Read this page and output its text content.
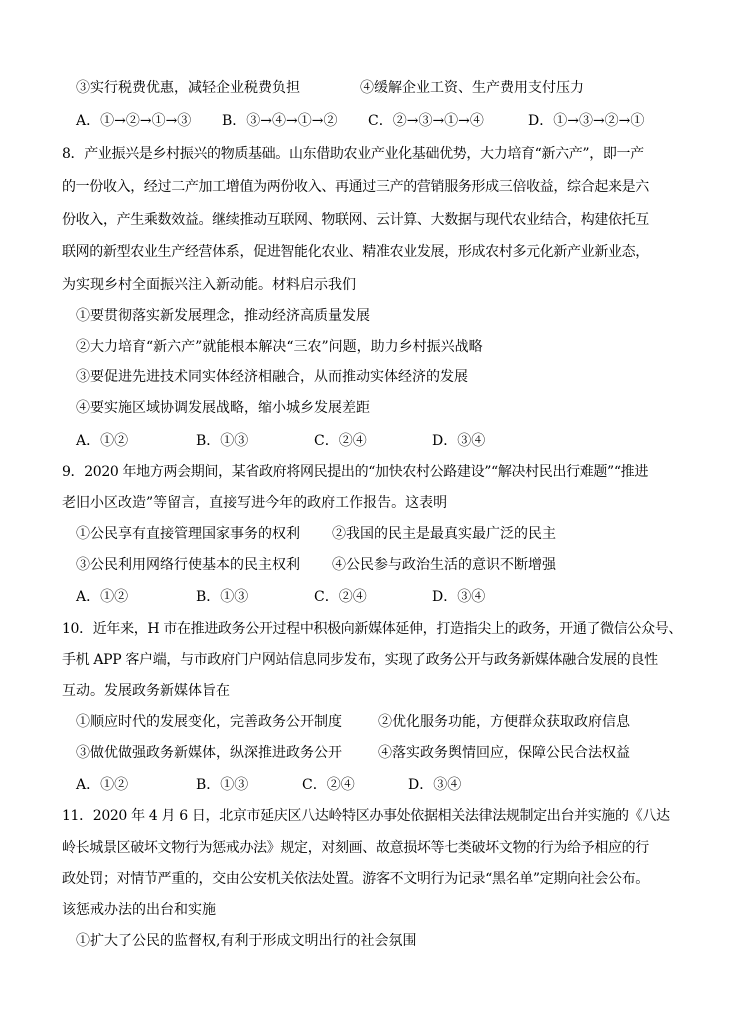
③实行税费优惠，减轻企业税费负担	④缓解企业工资、生产费用支付压力
A．①→②→①→③ B．③→④→①→② C．②→③→①→④	D．①→③→②→①
8．产业振兴是乡村振兴的物质基础。山东借助农业产业化基础优势，大力培育“新六产”，即一产
的一份收入，经过二产加工增值为两份收入、再通过三产的营销服务形成三倍收益，综合起来是六
份收入，产生乘数效益。继续推动互联网、物联网、云计算、大数据与现代农业结合，构建依托互
联网的新型农业生产经营体系，促进智能化农业、精准农业发展，形成农村多元化新产业新业态，
为实现乡村全面振兴注入新动能。材料启示我们
①要贯彻落实新发展理念，推动经济高质量发展
②大力培育“新六产”就能根本解决“三农”问题，助力乡村振兴战略
③要促进先进技术同实体经济相融合，从而推动实体经济的发展
④要实施区域协调发展战略，缩小城乡发展差距
A．①②	B．①③	C．②④	D．③④
9．2020 年地方两会期间，某省政府将网民提出的“加快农村公路建设”“解决村民出行难题”“推进
老旧小区改造”等留言，直接写进今年的政府工作报告。这表明
①公民享有直接管理国家事务的权利 ②我国的民主是最真实最广泛的民主
③公民利用网络行使基本的民主权利 ④公民参与政治生活的意识不断增强
A．①②	B．①③	C．②④	D．③④
10．近年来，H 市在推进政务公开过程中积极向新媒体延伸，打造指尖上的政务，开通了微信公众号、
手机 APP 客户端，与市政府门户网站信息同步发布，实现了政务公开与政务新媒体融合发展的良性
互动。发展政务新媒体旨在
①顺应时代的发展变化，完善政务公开制度	②优化服务功能，方便群众获取政府信息
③做优做强政务新媒体，纵深推进政务公开	④落实政务舆情回应，保障公民合法权益
A．①②	B．①③	C．②④	D．③④
11．2020 年 4 月 6 日，北京市延庆区八达岭特区办事处依据相关法律法规制定出台并实施的《八达
岭长城景区破坏文物行为惩戒办法》规定，对刻画、故意损坏等七类破坏文物的行为给予相应的行
政处罚；对情节严重的，交由公安机关依法处置。游客不文明行为记录“黑名单”定期向社会公布。
该惩戒办法的出台和实施
①扩大了公民的监督权,有利于形成文明出行的社会氛围
